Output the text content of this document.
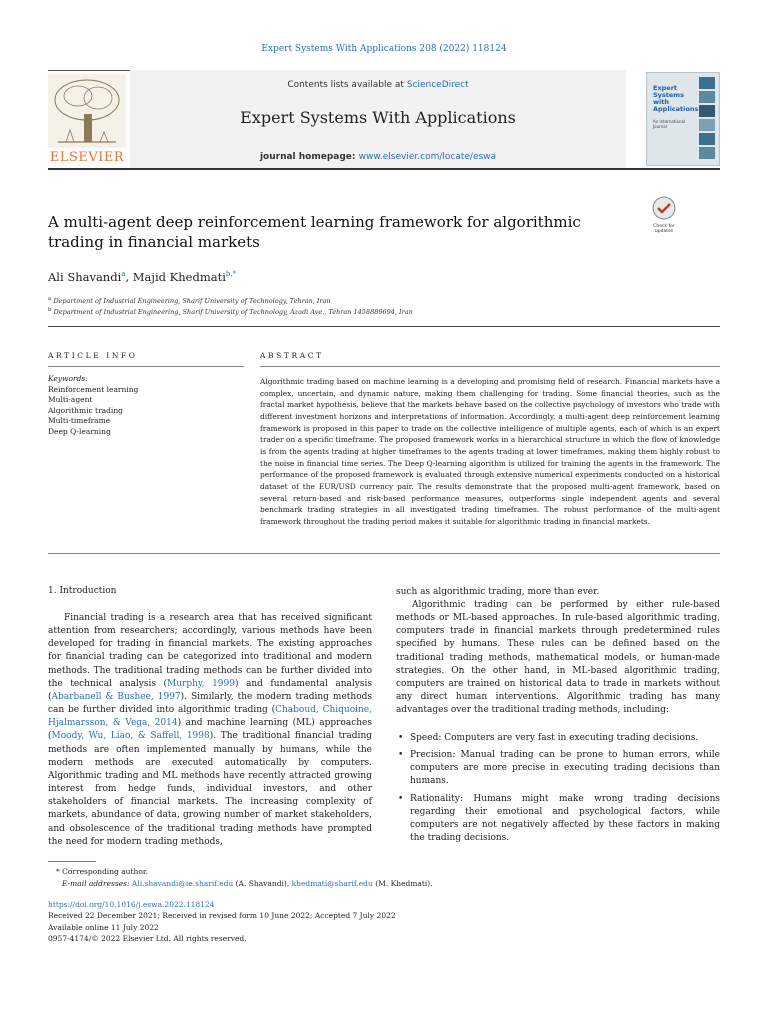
Expert Systems With Applications 208 (2022) 118124
ELSEVIER
Contents lists available at ScienceDirect
Expert Systems With Applications
journal homepage: www.elsevier.com/locate/eswa
Expert Systems with Applications
An International Journal
A multi-agent deep reinforcement learning framework for algorithmic trading in financial markets
Check for updates
Ali Shavandi$^a$, Majid Khedmati$^{b,*}$
$^a$ Department of Industrial Engineering, Sharif University of Technology, Tehran, Iran
$^b$ Department of Industrial Engineering, Sharif University of Technology, Azadi Ave., Tehran 1458889694, Iran
ARTICLE INFO	ABSTRACT
Keywords:
Reinforcement learning
Multi-agent
Algorithmic trading
Multi-timeframe
Deep Q-learning
Algorithmic trading based on machine learning is a developing and promising field of research. Financial markets have a complex, uncertain, and dynamic nature, making them challenging for trading. Some financial theories, such as the fractal market hypothesis, believe that the markets behave based on the collective psychology of investors who trade with different investment horizons and interpretations of information. Accordingly, a multi-agent deep reinforcement learning framework is proposed in this paper to trade on the collective intelligence of multiple agents, each of which is an expert trader on a specific timeframe. The proposed framework works in a hierarchical structure in which the flow of knowledge is from the agents trading at higher timeframes to the agents trading at lower timeframes, making them highly robust to the noise in financial time series. The Deep Q-learning algorithm is utilized for training the agents in the framework. The performance of the proposed framework is evaluated through extensive numerical experiments conducted on a historical dataset of the EUR/USD currency pair. The results demonstrate that the proposed multi-agent framework, based on several return-based and risk-based performance measures, outperforms single independent agents and several benchmark trading strategies in all investigated trading timeframes. The robust performance of the multi-agent framework throughout the trading period makes it suitable for algorithmic trading in financial markets.
1. Introduction

Financial trading is a research area that has received significant attention from researchers; accordingly, various methods have been developed for trading in financial markets. The existing approaches for financial trading can be categorized into traditional and modern methods. The traditional trading methods can be further divided into the technical analysis (Murphy, 1999) and fundamental analysis (Abarbanell & Bushee, 1997). Similarly, the modern trading methods can be further divided into algorithmic trading (Chaboud, Chiquoine, Hjalmarsson, & Vega, 2014) and machine learning (ML) approaches (Moody, Wu, Liao, & Saffell, 1998). The traditional financial trading methods are often implemented manually by humans, while the modern methods are executed automatically by computers. Algorithmic trading and ML methods have recently attracted growing interest from hedge funds, individual investors, and other stakeholders of financial markets. The increasing complexity of markets, abundance of data, growing number of market stakeholders, and obsolescence of the traditional trading methods have prompted the need for modern trading methods,

such as algorithmic trading, more than ever.

Algorithmic trading can be performed by either rule-based methods or ML-based approaches. In rule-based algorithmic trading, computers trade in financial markets through predetermined rules specified by humans. These rules can be defined based on the traditional trading methods, mathematical models, or human-made strategies. On the other hand, in ML-based algorithmic trading, computers are trained on historical data to trade in markets without any direct human interventions. Algorithmic trading has many advantages over the traditional trading methods, including:

• Speed: Computers are very fast in executing trading decisions.
• Precision: Manual trading can be prone to human errors, while computers are more precise in executing trading decisions than humans.
• Rationality: Humans might make wrong trading decisions regarding their emotional and psychological factors, while computers are not negatively affected by these factors in making the trading decisions.
* Corresponding author.
E-mail addresses: Ali.shavandi@ie.sharif.edu (A. Shavandi), khedmati@sharif.edu (M. Khedmati).
https://doi.org/10.1016/j.eswa.2022.118124
Received 22 December 2021; Received in revised form 10 June 2022; Accepted 7 July 2022
Available online 11 July 2022
0957-4174/© 2022 Elsevier Ltd. All rights reserved.
